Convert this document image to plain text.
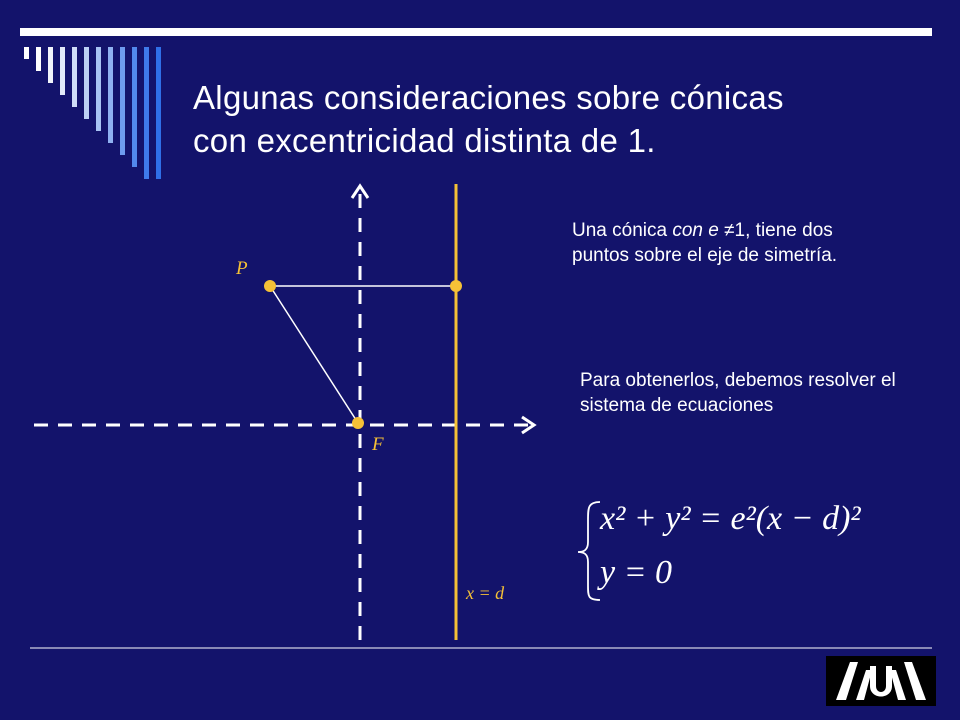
Algunas consideraciones sobre cónicas
con excentricidad distinta de 1.
Una cónica con e ≠1, tiene dos puntos sobre el eje de simetría.
Para obtenerlos, debemos resolver el sistema de ecuaciones
P
F
x = d
x² + y² = e²(x − d)²
y = 0
